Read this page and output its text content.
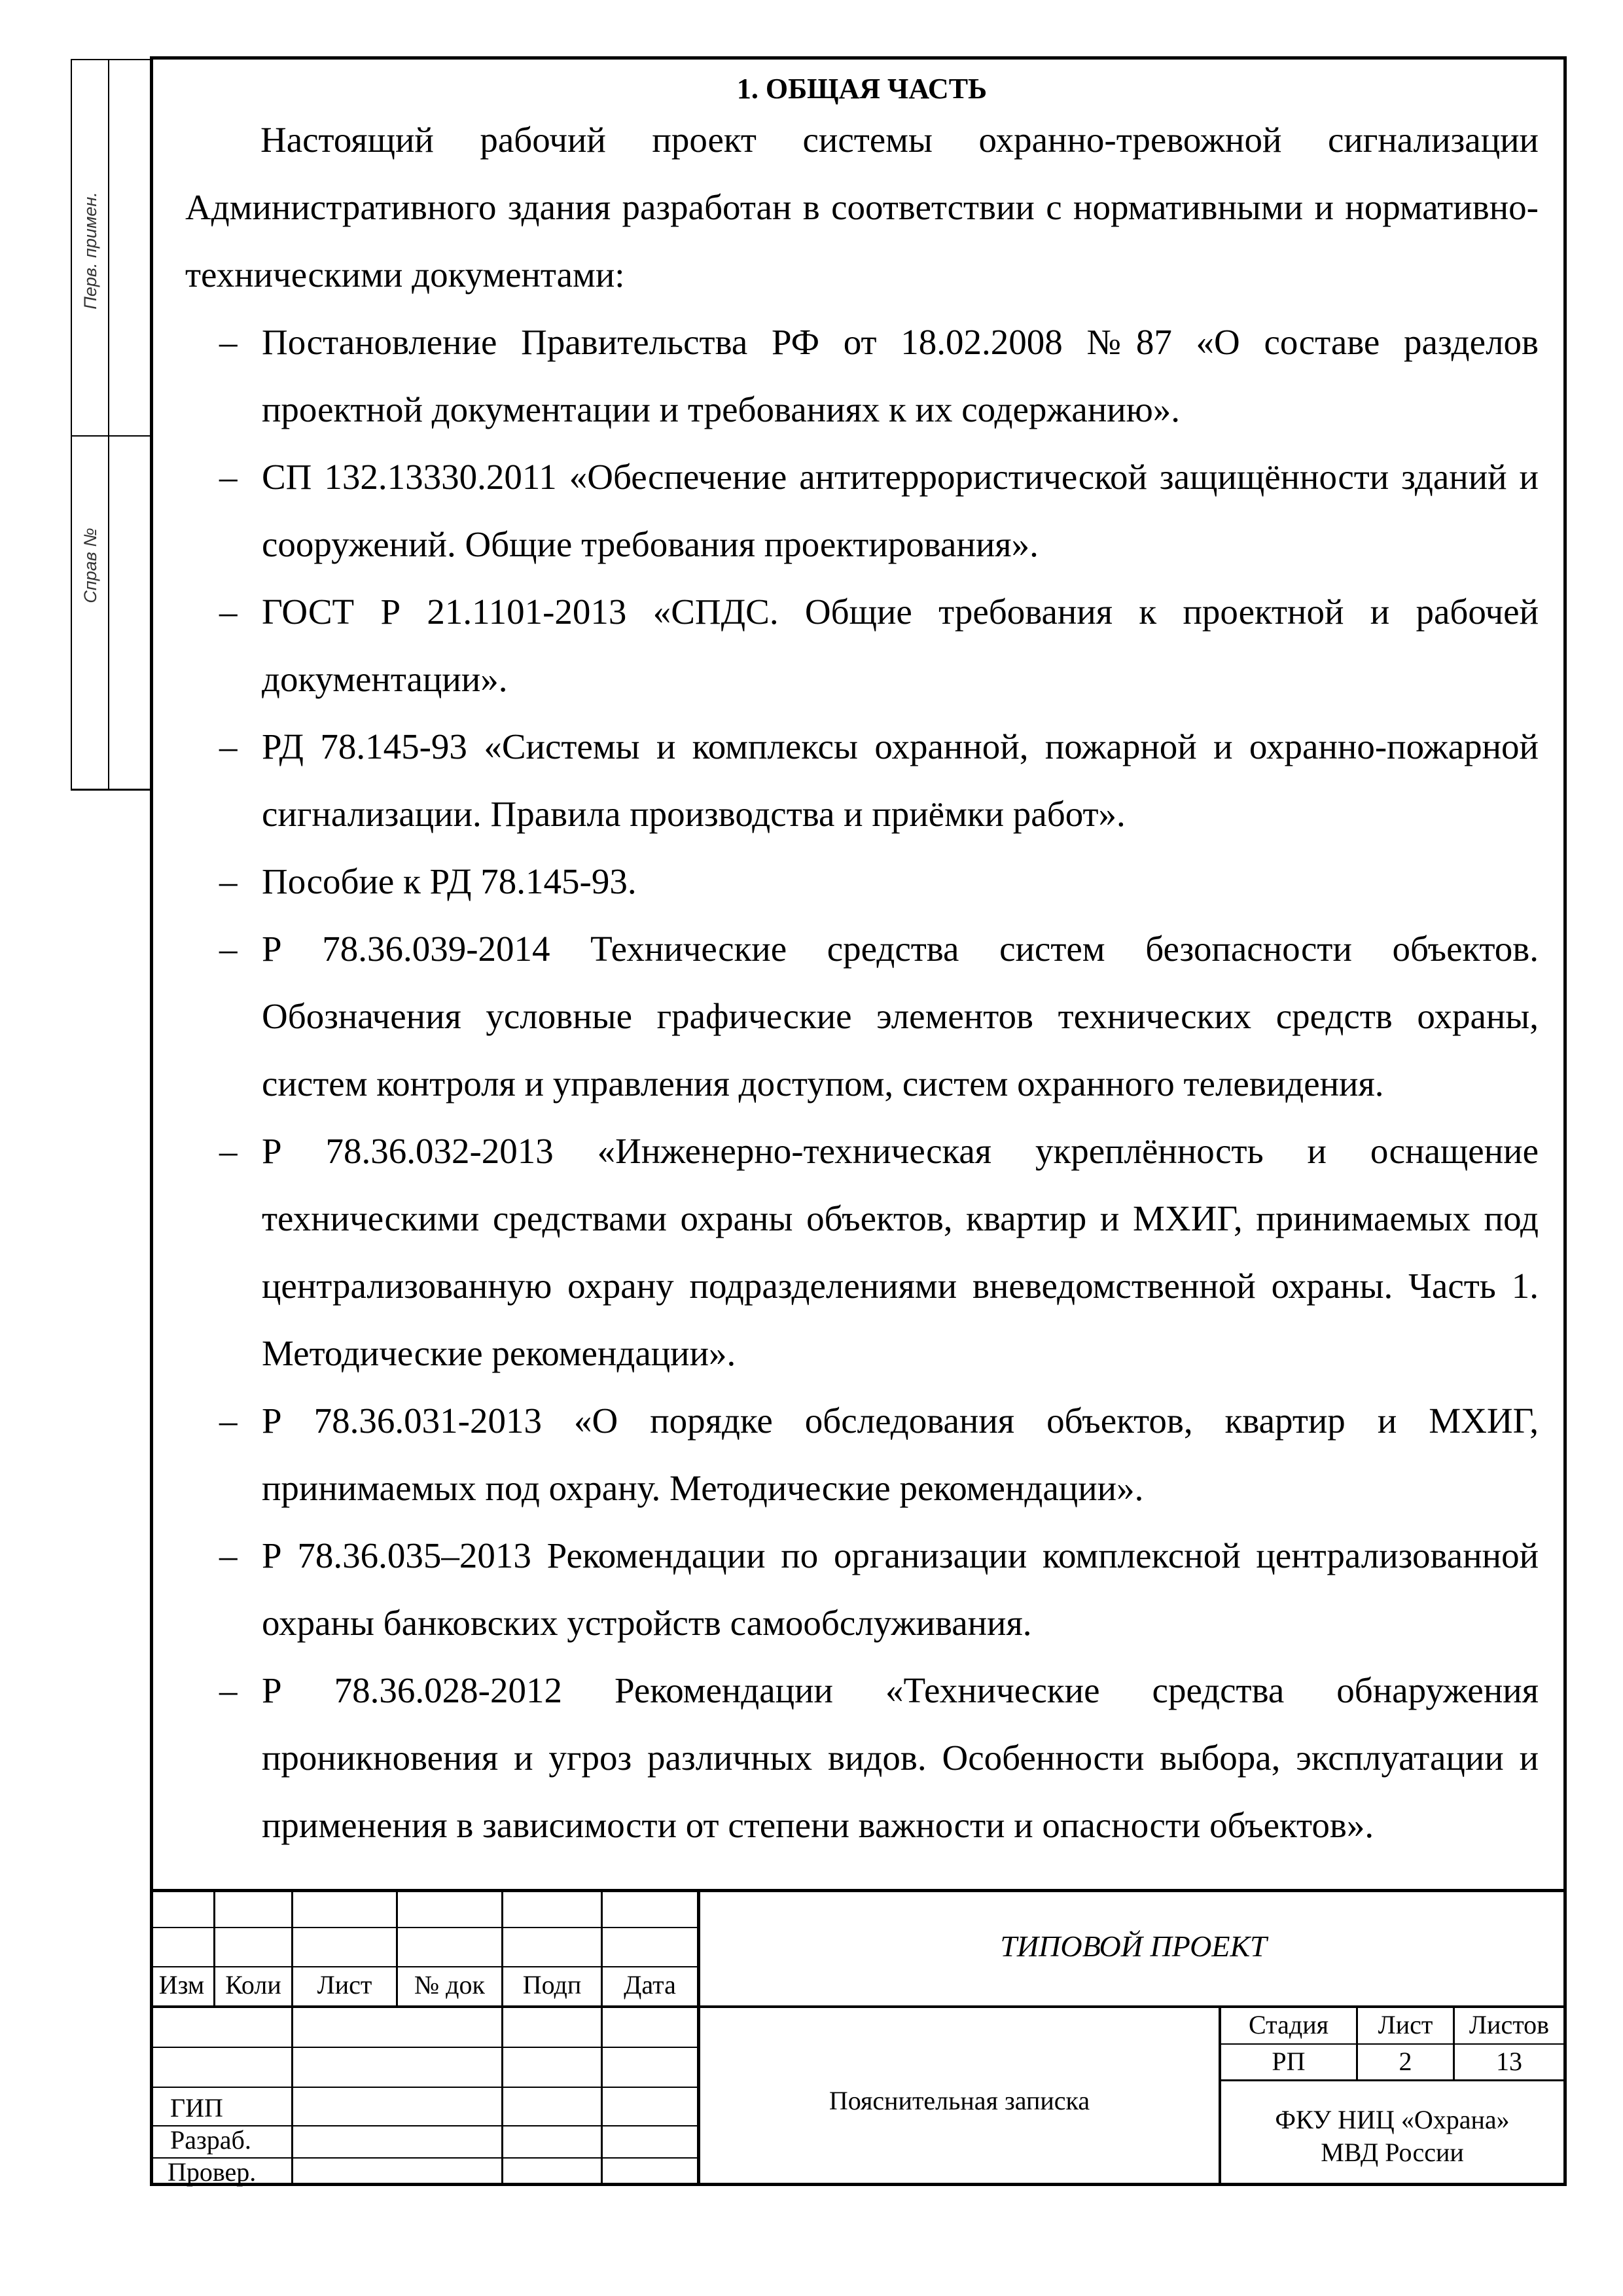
Перв. примен.
Справ №
1. ОБЩАЯ ЧАСТЬ

Настоящий рабочий проект системы охранно-тревожной сигнализации Административного здания разработан в соответствии с нормативными и нормативно-техническими документами:

– Постановление Правительства РФ от 18.02.2008 №87 «О составе разделов проектной документации и требованиях к их содержанию».
– СП 132.13330.2011 «Обеспечение антитеррористической защищённости зданий и сооружений. Общие требования проектирования».
– ГОСТ Р 21.1101-2013 «СПДС. Общие требования к проектной и рабочей документации».
– РД 78.145-93 «Системы и комплексы охранной, пожарной и охранно-пожарной сигнализации. Правила производства и приёмки работ».
– Пособие к РД 78.145-93.
– Р 78.36.039-2014 Технические средства систем безопасности объектов. Обозначения условные графические элементов технических средств охраны, систем контроля и управления доступом, систем охранного телевидения.
– Р 78.36.032-2013 «Инженерно-техническая укреплённость и оснащение техническими средствами охраны объектов, квартир и МХИГ, принимаемых под централизованную охрану подразделениями вневедомственной охраны. Часть 1. Методические рекомендации».
– Р 78.36.031-2013 «О порядке обследования объектов, квартир и МХИГ, принимаемых под охрану. Методические рекомендации».
– Р 78.36.035–2013 Рекомендации по организации комплексной централизованной охраны банковских устройств самообслуживания.
– Р 78.36.028-2012 Рекомендации «Технические средства обнаружения проникновения и угроз различных видов. Особенности выбора, эксплуатации и применения в зависимости от степени важности и опасности объектов».
Изм Коли	Лист	№ док	Подп	Дата
ГИП
Разраб.
Провер.
ТИПОВОЙ ПРОЕКТ
Пояснительная записка
Стадия	Лист	Листов
РП	2	13
ФКУ НИЦ «Охрана»
МВД России
